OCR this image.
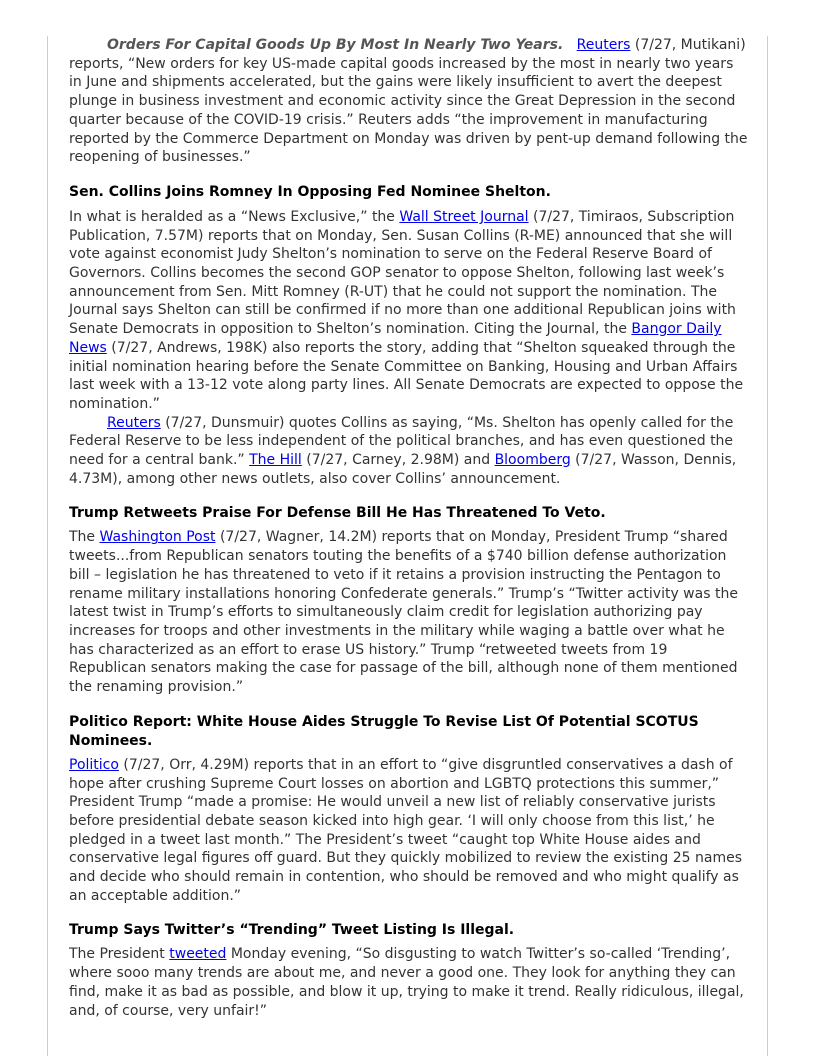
Orders For Capital Goods Up By Most In Nearly Two Years. Reuters (7/27, Mutikani) reports, “New orders for key US-made capital goods increased by the most in nearly two years in June and shipments accelerated, but the gains were likely insufficient to avert the deepest plunge in business investment and economic activity since the Great Depression in the second quarter because of the COVID-19 crisis.” Reuters adds “the improvement in manufacturing reported by the Commerce Department on Monday was driven by pent-up demand following the reopening of businesses.”

Sen. Collins Joins Romney In Opposing Fed Nominee Shelton.

In what is heralded as a “News Exclusive,” the Wall Street Journal (7/27, Timiraos, Subscription Publication, 7.57M) reports that on Monday, Sen. Susan Collins (R-ME) announced that she will vote against economist Judy Shelton’s nomination to serve on the Federal Reserve Board of Governors. Collins becomes the second GOP senator to oppose Shelton, following last week’s announcement from Sen. Mitt Romney (R-UT) that he could not support the nomination. The Journal says Shelton can still be confirmed if no more than one additional Republican joins with Senate Democrats in opposition to Shelton’s nomination. Citing the Journal, the Bangor Daily News (7/27, Andrews, 198K) also reports the story, adding that “Shelton squeaked through the initial nomination hearing before the Senate Committee on Banking, Housing and Urban Affairs last week with a 13-12 vote along party lines. All Senate Democrats are expected to oppose the nomination.”

Reuters (7/27, Dunsmuir) quotes Collins as saying, “Ms. Shelton has openly called for the Federal Reserve to be less independent of the political branches, and has even questioned the need for a central bank.” The Hill (7/27, Carney, 2.98M) and Bloomberg (7/27, Wasson, Dennis, 4.73M), among other news outlets, also cover Collins’ announcement.

Trump Retweets Praise For Defense Bill He Has Threatened To Veto.

The Washington Post (7/27, Wagner, 14.2M) reports that on Monday, President Trump “shared tweets...from Republican senators touting the benefits of a $740 billion defense authorization bill – legislation he has threatened to veto if it retains a provision instructing the Pentagon to rename military installations honoring Confederate generals.” Trump’s “Twitter activity was the latest twist in Trump’s efforts to simultaneously claim credit for legislation authorizing pay increases for troops and other investments in the military while waging a battle over what he has characterized as an effort to erase US history.” Trump “retweeted tweets from 19 Republican senators making the case for passage of the bill, although none of them mentioned the renaming provision.”

Politico Report: White House Aides Struggle To Revise List Of Potential SCOTUS Nominees.

Politico (7/27, Orr, 4.29M) reports that in an effort to “give disgruntled conservatives a dash of hope after crushing Supreme Court losses on abortion and LGBTQ protections this summer,” President Trump “made a promise: He would unveil a new list of reliably conservative jurists before presidential debate season kicked into high gear. ‘I will only choose from this list,’ he pledged in a tweet last month.” The President’s tweet “caught top White House aides and conservative legal figures off guard. But they quickly mobilized to review the existing 25 names and decide who should remain in contention, who should be removed and who might qualify as an acceptable addition.”

Trump Says Twitter’s “Trending” Tweet Listing Is Illegal.

The President tweeted Monday evening, “So disgusting to watch Twitter’s so-called ‘Trending’, where sooo many trends are about me, and never a good one. They look for anything they can find, make it as bad as possible, and blow it up, trying to make it trend. Really ridiculous, illegal, and, of course, very unfair!”
